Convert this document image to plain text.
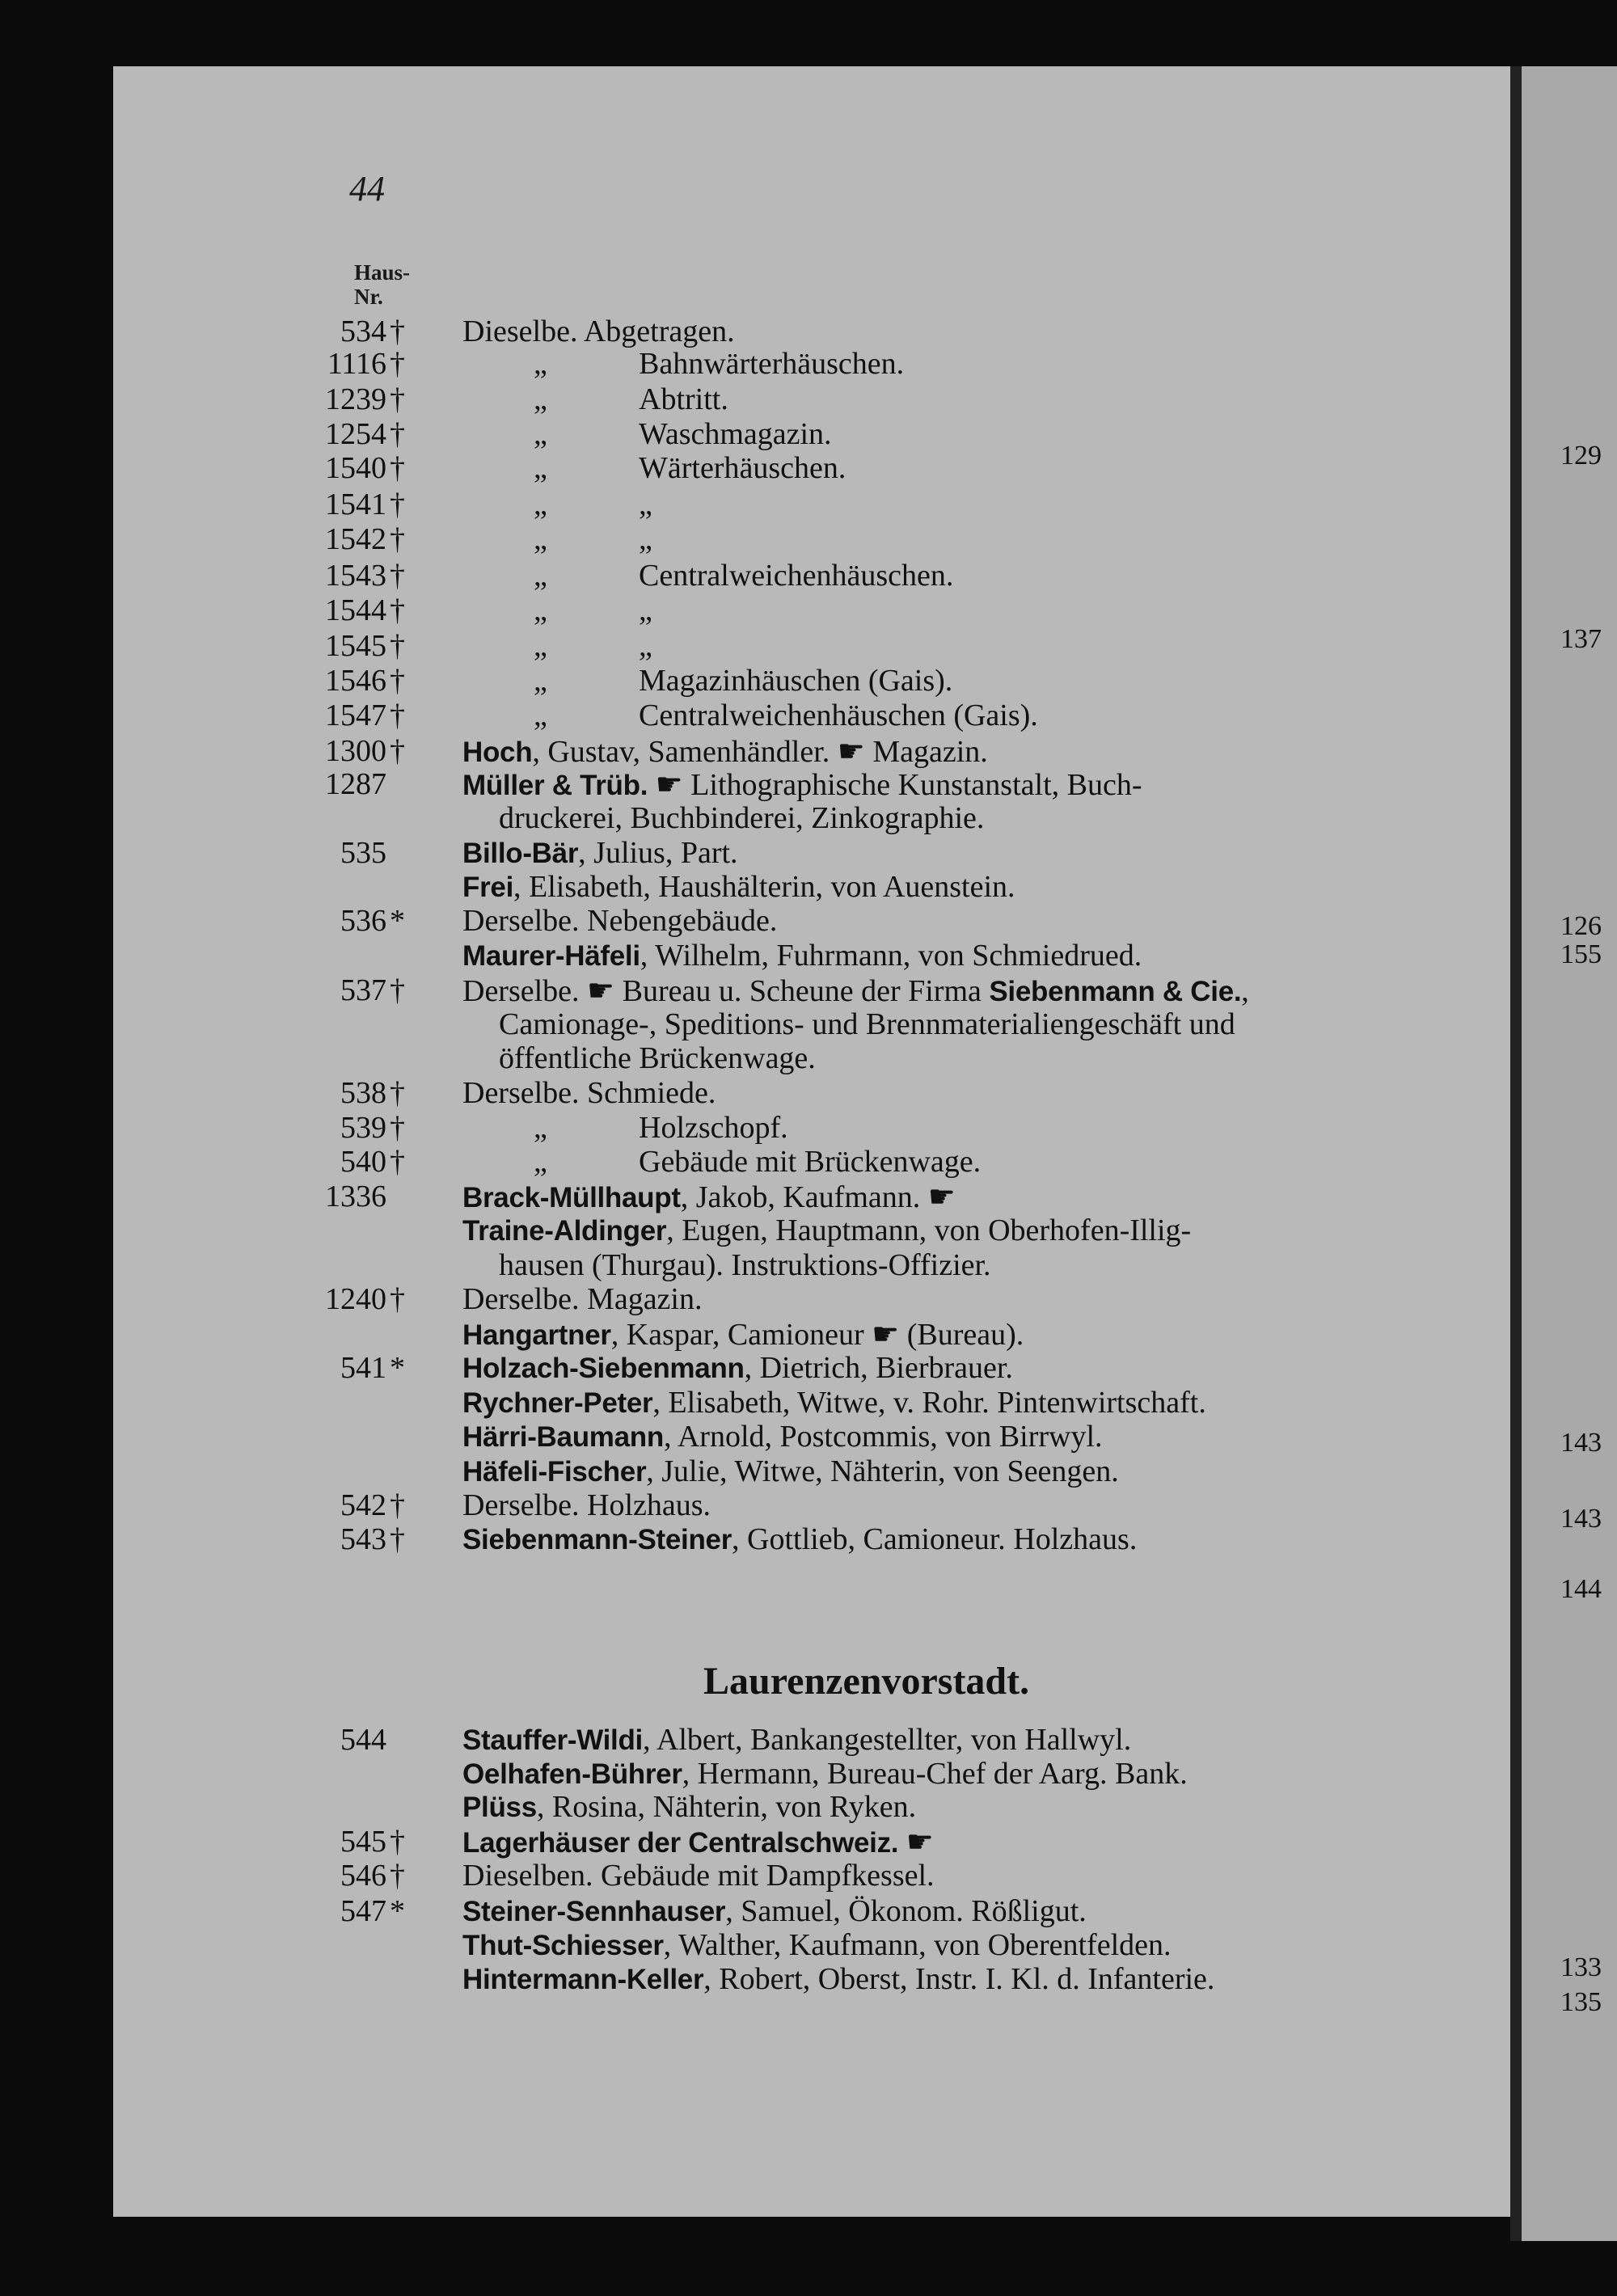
44
Haus-
Nr.
534 † Dieselbe. Abgetragen.
1116 †	„	Bahnwärterhäuschen.
1239 †	„	Abtritt.
1254 †	„	Waschmagazin.
1540 †	„	Wärterhäuschen.
1541 †	„	„
1542 †	„	„
1543 †	„	Centralweichenhäuschen.
1544 †	„	„
1545 †	„	„
1546 †	„	Magazinhäuschen (Gais).
1547 †	„	Centralweichenhäuschen (Gais).
1300 † Hoch, Gustav, Samenhändler. ☛ Magazin.
1287	Müller & Trüb. ☛ Lithographische Kunstanstalt, Buch-
druckerei, Buchbinderei, Zinkographie.
535	Billo-Bär, Julius, Part.
Frei, Elisabeth, Haushälterin, von Auenstein.
536 * Derselbe. Nebengebäude.
Maurer-Häfeli, Wilhelm, Fuhrmann, von Schmiedrued.
537 † Derselbe. ☛ Bureau u. Scheune der Firma Siebenmann & Cie.,
Camionage-, Speditions- und Brennmaterialiengeschäft und
öffentliche Brückenwage.
538 † Derselbe. Schmiede.
539 †	„	Holzschopf.
540 †	„	Gebäude mit Brückenwage.
1336	Brack-Müllhaupt, Jakob, Kaufmann. ☛
Traine-Aldinger, Eugen, Hauptmann, von Oberhofen-Illig-
hausen (Thurgau). Instruktions-Offizier.
1240 † Derselbe. Magazin.
Hangartner, Kaspar, Camioneur ☛ (Bureau).
541 * Holzach-Siebenmann, Dietrich, Bierbrauer.
Rychner-Peter, Elisabeth, Witwe, v. Rohr. Pintenwirtschaft.
Härri-Baumann, Arnold, Postcommis, von Birrwyl.
Häfeli-Fischer, Julie, Witwe, Nähterin, von Seengen.
542 † Derselbe. Holzhaus.
543 † Siebenmann-Steiner, Gottlieb, Camioneur. Holzhaus.
544	Stauffer-Wildi, Albert, Bankangestellter, von Hallwyl.
Oelhafen-Bührer, Hermann, Bureau-Chef der Aarg. Bank.
Plüss, Rosina, Nähterin, von Ryken.
545 † Lagerhäuser der Centralschweiz. ☛
546 † Dieselben. Gebäude mit Dampfkessel.
547 * Steiner-Sennhauser, Samuel, Ökonom. Rößligut.
Thut-Schiesser, Walther, Kaufmann, von Oberentfelden.
Hintermann-Keller, Robert, Oberst, Instr. I. Kl. d. Infanterie.
Laurenzenvorstadt.
129
137
126
155
143
143
144
133
135
